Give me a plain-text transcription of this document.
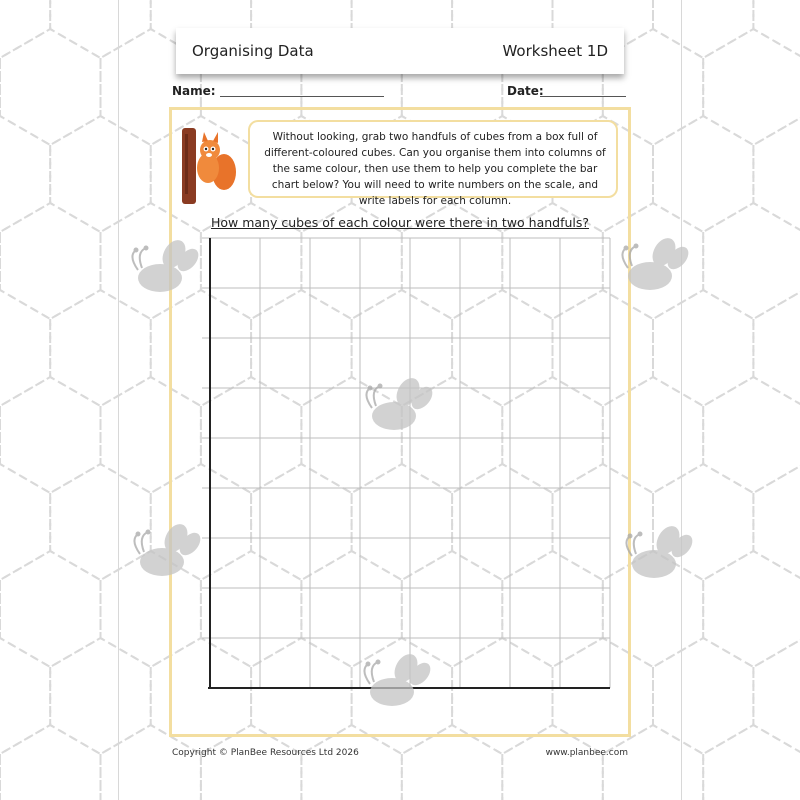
Organising Data	Worksheet 1D
Name:	Date:
Without looking, grab two handfuls of cubes from a box full of different-coloured cubes. Can you organise them into columns of the same colour, then use them to help you complete the bar chart below? You will need to write numbers on the scale, and write labels for each column.
How many cubes of each colour were there in two handfuls?
Copyright © PlanBee Resources Ltd 2026	www.planbee.com
